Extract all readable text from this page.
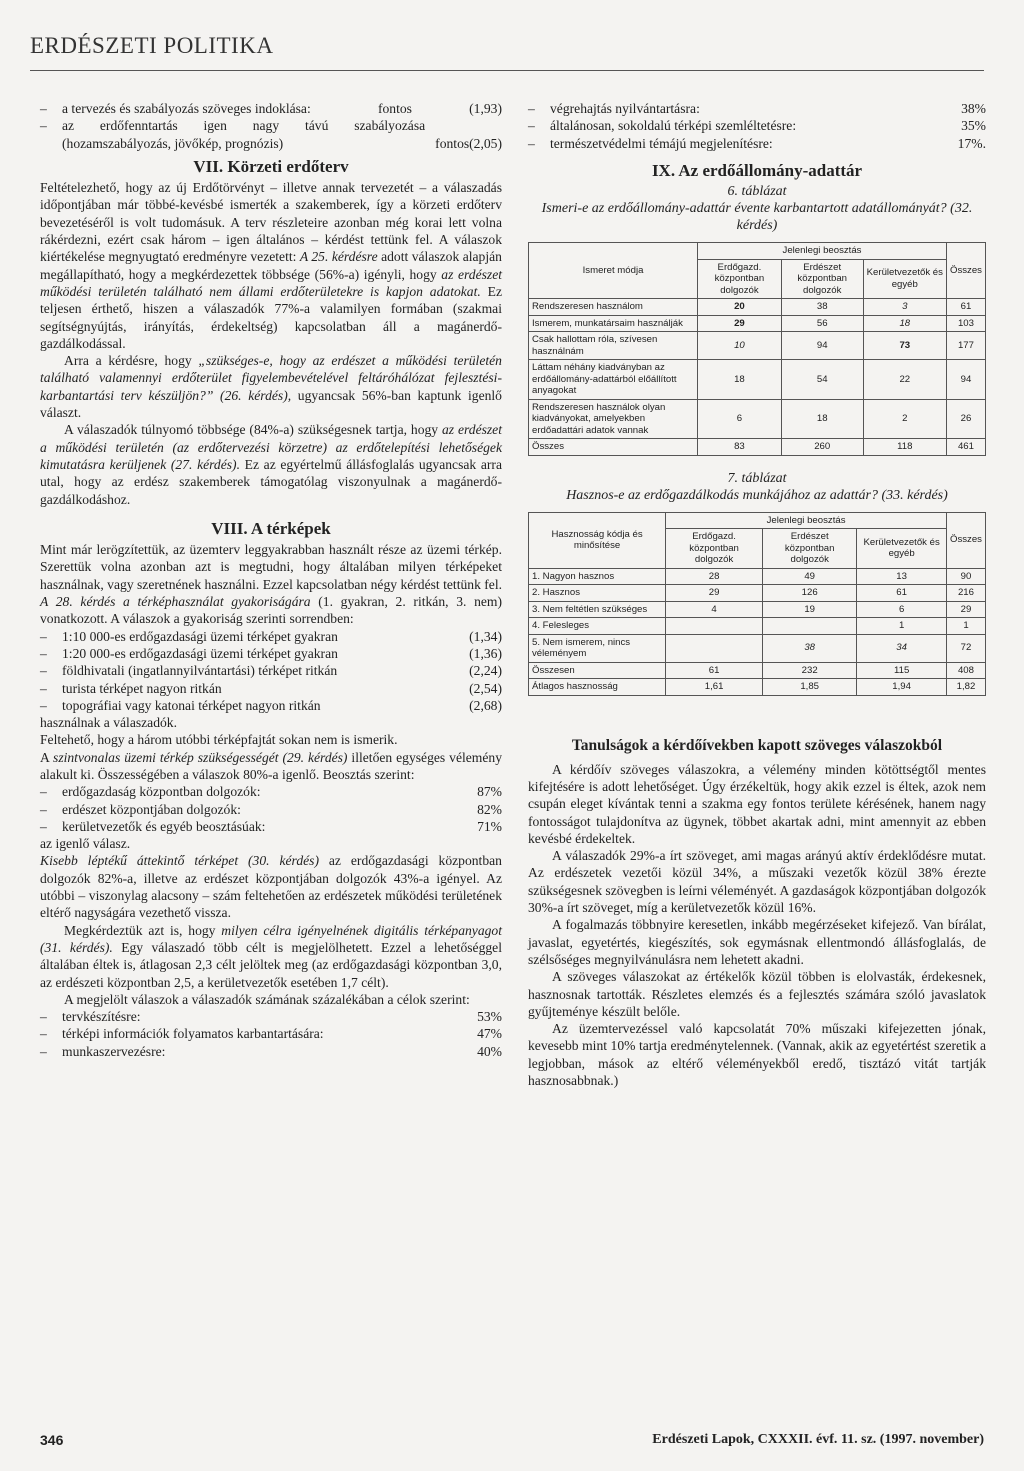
ERDÉSZETI POLITIKA
–	a tervezés és szabályozás szöveges indoklása:	fontos	(1,93)
–	az erdőfenntartás igen nagy távú szabályozása (hozamszabályozás, jövőkép, prognózis)	fontos (2,05)
VII. Körzeti erdőterv

Feltételezhető, hogy az új Erdőtörvényt – illetve annak tervezetét – a válaszadás időpontjában már többé-kevésbé ismerték a szakemberek, így a körzeti erdőterv bevezetéséről is volt tudomásuk. A terv részleteire azonban még korai lett volna rákérdezni, ezért csak három – igen általános – kérdést tettünk fel. A válaszok kiértékelése megnyugtató eredményre vezetett: A 25. kérdésre adott válaszok alapján megállapítható, hogy a megkérdezettek többsége (56%-a) igényli, hogy az erdészet működési területén található nem állami erdőterületekre is kapjon adatokat. Ez teljesen érthető, hiszen a válaszadók 77%-a valamilyen formában (szakmai segítségnyújtás, irányítás, érdekeltség) kapcsolatban áll a magánerdő-gazdálkodással.

Arra a kérdésre, hogy „szükséges-e, hogy az erdészet a működési területén található valamennyi erdőterület figyelembevételével feltáróhálózat fejlesztési-karbantartási terv készüljön?” (26. kérdés), ugyancsak 56%-ban kaptunk igenlő választ.

A válaszadók túlnyomó többsége (84%-a) szükségesnek tartja, hogy az erdészet a működési területén (az erdőtervezési körzetre) az erdőtelepítési lehetőségek kimutatásra kerüljenek (27. kérdés). Ez az egyértelmű állásfoglalás ugyancsak arra utal, hogy az erdész szakemberek támogatólag viszonyulnak a magánerdő-gazdálkodáshoz.

VIII. A térképek

Mint már lerögzítettük, az üzemterv leggyakrabban használt része az üzemi térkép. Szerettük volna azonban azt is megtudni, hogy általában milyen térképeket használnak, vagy szeretnének használni. Ezzel kapcsolatban négy kérdést tettünk fel.

A 28. kérdés a térképhasználat gyakoriságára (1. gyakran, 2. ritkán, 3. nem) vonatkozott. A válaszok a gyakoriság szerinti sorrendben:

–	1:10 000-es erdőgazdasági üzemi térképet gyakran	(1,34)
–	1:20 000-es erdőgazdasági üzemi térképet gyakran	(1,36)
–	földhivatali (ingatlannyilvántartási) térképet ritkán	(2,24)
–	turista térképet nagyon ritkán	(2,54)
–	topográfiai vagy katonai térképet nagyon ritkán	(2,68)

használnak a válaszadók.

Feltehető, hogy a három utóbbi térképfajtát sokan nem is ismerik.

A szintvonalas üzemi térkép szükségességét (29. kérdés) illetően egységes vélemény alakult ki. Összességében a válaszok 80%-a igenlő. Beosztás szerint:

–	erdőgazdaság központban dolgozók:	87%
–	erdészet központjában dolgozók:	82%
–	kerületvezetők és egyéb beosztásúak:	71%

az igenlő válasz.

Kisebb léptékű áttekintő térképet (30. kérdés) az erdőgazdasági központban dolgozók 82%-a, illetve az erdészet központjában dolgozók 43%-a igényel. Az utóbbi – viszonylag alacsony – szám feltehetően az erdészetek működési területének eltérő nagyságára vezethető vissza.

Megkérdeztük azt is, hogy milyen célra igényelnének digitális térképanyagot (31. kérdés). Egy válaszadó több célt is megjelölhetett. Ezzel a lehetőséggel általában éltek is, átlagosan 2,3 célt jelöltek meg (az erdőgazdasági központban 3,0, az erdészeti központban 2,5, a kerületvezetők esetében 1,7 célt).

A megjelölt válaszok a válaszadók számának százalékában a célok szerint:

–	tervkészítésre:	53%
–	térképi információk folyamatos karbantartására:	47%
–	munkaszervezésre:	40%
–	végrehajtás nyilvántartásra:	38%
–	általánosan, sokoldalú térképi szemléltetésre:	35%
–	természetvédelmi témájú megjelenítésre:	17%.
IX. Az erdőállomány-adattár

6. táblázat

Ismeri-e az erdőállomány-adattár évente karbantartott adatállományát? (32. kérdés)

Ismeret módja	Jelenlegi beosztás			Összes
	Erdőgazd. központban dolgozók	Erdészet központban dolgozók	Kerületvezetők és egyéb	
Rendszeresen használom	20	38	3	61
Ismerem, munkatársaim használják	29	56	18	103
Csak hallottam róla, szívesen használnám	10	94	73	177
Láttam néhány kiadványban az erdőállomány-adattárból előállított anyagokat	18	54	22	94
Rendszeresen használok olyan kiadványokat, amelyekben erdőadattári adatok vannak	6	18	2	26
Összes	83	260	118	461

7. táblázat

Hasznos-e az erdőgazdálkodás munkájához az adattár? (33. kérdés)

Hasznosság kódja és minősítése	Jelenlegi beosztás			Összes
	Erdőgazd. központban dolgozók	Erdészet központban dolgozók	Kerületvezetők és egyéb	
1. Nagyon hasznos	28	49	13	90
2. Hasznos	29	126	61	216
3. Nem feltétlen szükséges	4	19	6	29
4. Felesleges			1	1
5. Nem ismerem, nincs véleményem		38	34	72
Összesen	61	232	115	408
Átlagos hasznosság	1,61	1,85	1,94	1,82
Tanulságok a kérdőívekben kapott szöveges válaszokból

A kérdőív szöveges válaszokra, a vélemény minden kötöttségtől mentes kifejtésére is adott lehetőséget. Úgy érzékeltük, hogy akik ezzel is éltek, azok nem csupán eleget kívántak tenni a szakma egy fontos területe kérésének, hanem nagy fontosságot tulajdonítva az ügynek, többet akartak adni, mint amennyit az ebben kevésbé érdekeltek.

A válaszadók 29%-a írt szöveget, ami magas arányú aktív érdeklődésre mutat. Az erdészetek vezetői közül 34%, a műszaki vezetők közül 38% érezte szükségesnek szövegben is leírni véleményét. A gazdaságok központjában dolgozók 30%-a írt szöveget, míg a kerületvezetők közül 16%.

A fogalmazás többnyire keresetlen, inkább megérzéseket kifejező. Van bírálat, javaslat, egyetértés, kiegészítés, sok egymásnak ellentmondó állásfoglalás, de szélsőséges megnyilvánulásra nem lehetett akadni.

A szöveges válaszokat az értékelők közül többen is elolvasták, érdekesnek, hasznosnak tartották. Részletes elemzés és a fejlesztés számára szóló javaslatok gyűjteménye készült belőle.

Az üzemtervezéssel való kapcsolatát 70% műszaki kifejezetten jónak, kevesebb mint 10% tartja eredménytelennek. (Vannak, akik az egyetértést szeretik a legjobban, mások az eltérő véleményekből eredő, tisztázó vitát tartják hasznosabbnak.)

346	Erdészeti Lapok, CXXXII. évf. 11. sz. (1997. november)
